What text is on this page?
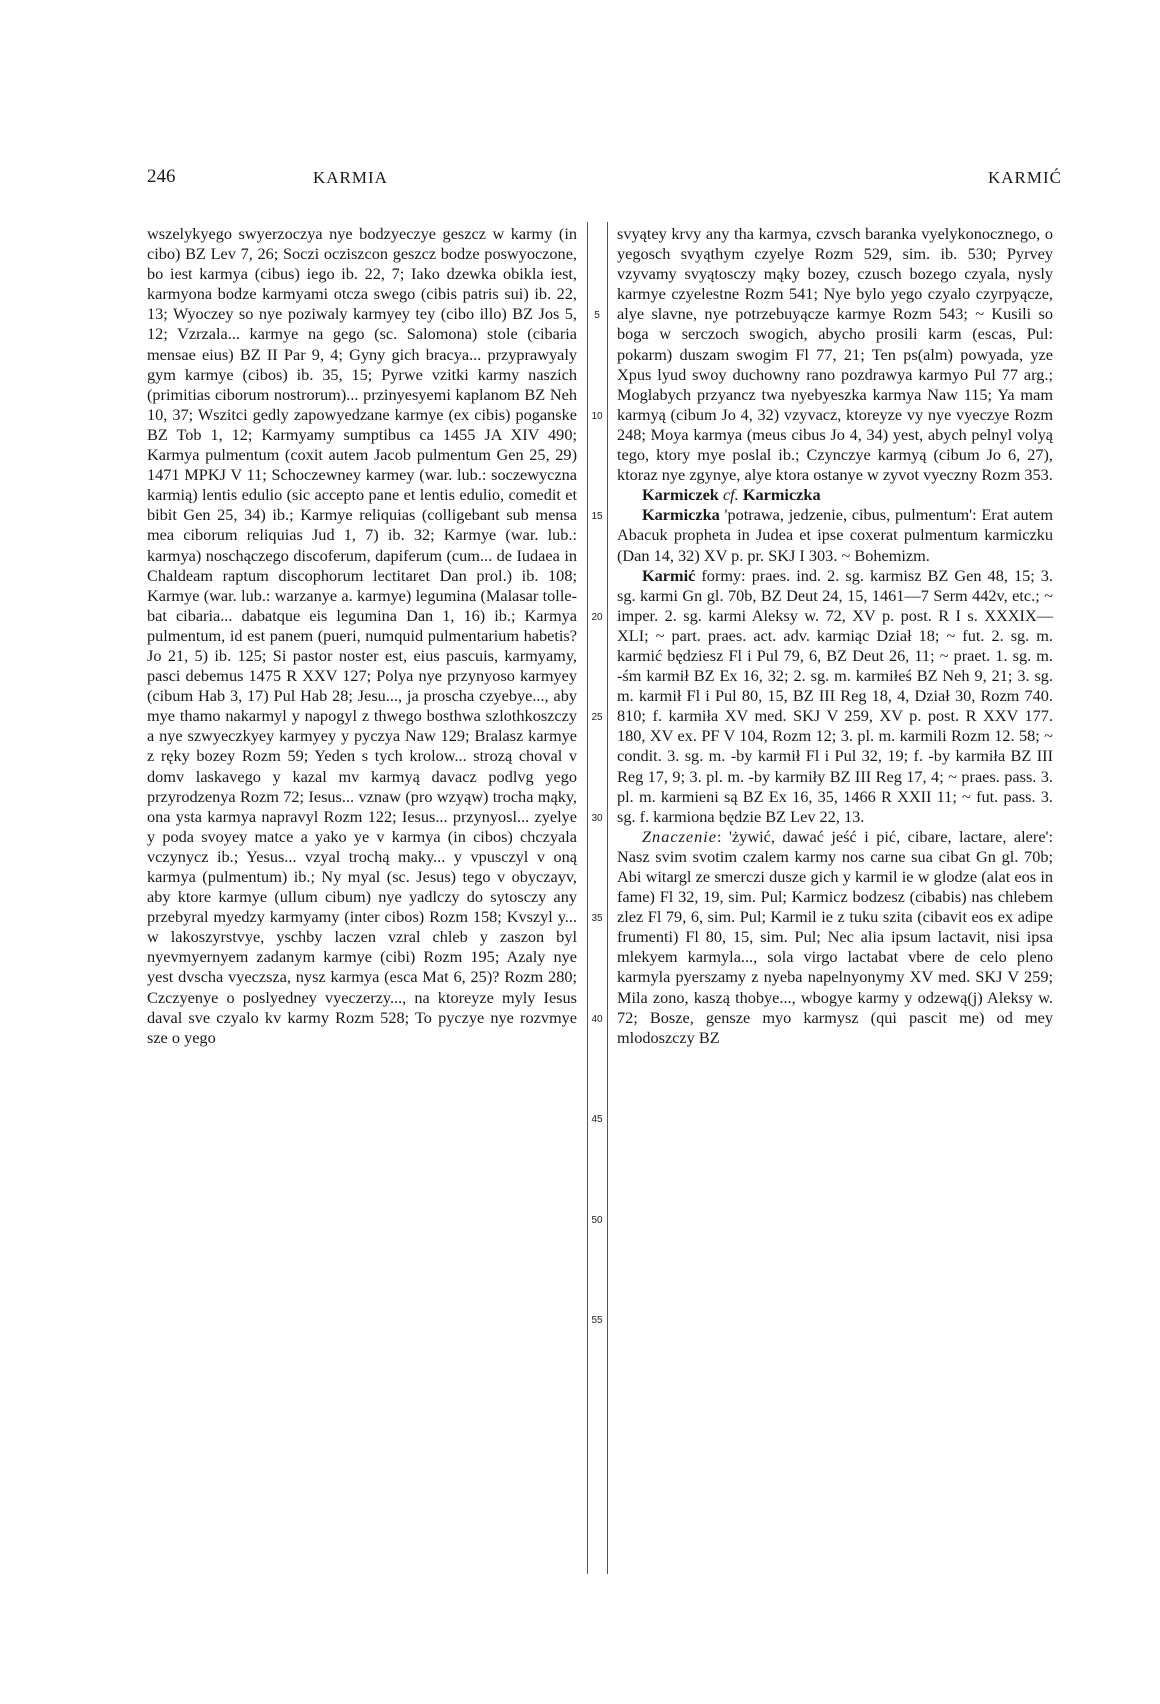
246	KARMIA	KARMIĆ

wszelykyego swyerzoczya nye bodzyeczye geszcz w karmy (in cibo) BZ Lev 7, 26; Soczi ocziszcon geszcz bodze poswyoczone, bo iest karmya (cibus) iego ib. 22, 7; Iako dzewka obikla iest, karmyona bodze karmyami otcza swego (cibis patris sui) ib. 22, 13; Wyoczey so nye poziwaly karmyey tey (cibo illo) BZ Jos 5, 12; Vzrzala... karmye na gego (sc. Salomona) stole (cibaria mensae eius) BZ II Par 9, 4; Gyny gich bracya... przyprawyaly gym karmye (cibos) ib. 35, 15; Pyrwe vzitki karmy naszich (primitias ciborum nostrorum)... przinyesyemi kaplanom BZ Neh 10, 37; Wszitci gedly zapowyedzane karmye (ex cibis) poganske BZ Tob 1, 12; Karmyamy sumptibus ca 1455 JA XIV 490; Karmya pulmentum (coxit autem Jacob pulmentum Gen 25, 29) 1471 MPKJ V 11; Schoczewney karmey (war. lub.: soczewyczna karmią) lentis edulio (sic accepto pane et lentis edulio, comedit et bibit Gen 25, 34) ib.; Karmye reliquias (colligebant sub mensa mea ciborum reliquias Jud 1, 7) ib. 32; Karmye (war. lub.: karmya) noschączego discoferum, dapiferum (cum... de Iudaea in Chaldeam raptum discophorum lectitaret Dan prol.) ib. 108; Karmye (war. lub.: warzanye a. karmye) legumina (Malasar tollebat cibaria... dabatque eis legumina Dan 1, 16) ib.; Karmya pulmentum, id est panem (pueri, numquid pulmentarium habetis? Jo 21, 5) ib. 125; Si pastor noster est, eius pascuis, karmyamy, pasci debemus 1475 R XXV 127; Polya nye przynyoso karmyey (cibum Hab 3, 17) Pul Hab 28; Jesu..., ja proscha czyebye..., aby mye thamo nakarmyl y napogyl z thwego bosthwa szlothkoszczy a nye szwyeczkyey karmyey y pyczya Naw 129; Bralasz karmye z ręky bozey Rozm 59; Yeden s tych krolow... strozą choval v domv laskavego y kazal mv karmyą davacz podlvg yego przyrodzenya Rozm 72; Iesus... vznaw (pro wzyąw) trocha mąky, ona ysta karmya napravyl Rozm 122; Iesus... przynyosl... zyelye y poda svoyey matce a yako ye v karmya (in cibos) chczyala vczynycz ib.; Yesus... vzyal trochą maky... y vpusczyl v oną karmya (pulmentum) ib.; Ny myal (sc. Jesus) tego v obyczayv, aby ktore karmye (ullum cibum) nye yadlczy do sytosczy any przebyral myedzy karmyamy (inter cibos) Rozm 158; Kvszyl y... w lakoszyrstvye, yschby laczen vzral chleb y zaszon byl nyevmyernyem zadanym karmye (cibi) Rozm 195; Azaly nye yest dvscha vyeczsza, nysz karmya (esca Mat 6, 25)? Rozm 280; Czczyenye o poslyedney vyeczerzy..., na ktoreyze myly Iesus daval sve czyalo kv karmy Rozm 528; To pyczye nye rozvmye sze o yego

5
10
15
20
25
30
35
40
45
50
55

svyątey krvy any tha karmya, czvsch baranka vyelykonocznego, o yegosch svyąthym czyelye Rozm 529, sim. ib. 530; Pyrvey vzyvamy svyątosczy mąky bozey, czusch bozego czyala, nysly karmye czyelestne Rozm 541; Nye bylo yego czyalo czyrpyącze, alye slavne, nye potrzebuyącze karmye Rozm 543; ~ Kusili so boga w serczoch swogich, abycho prosili karm (escas, Pul: pokarm) duszam swogim Fl 77, 21; Ten ps(alm) powyada, yze Xpus lyud swoy duchowny rano pozdrawya karmyo Pul 77 arg.; Moglabych przyancz twa nyebyeszka karmya Naw 115; Ya mam karmyą (cibum Jo 4, 32) vzyvacz, ktoreyze vy nye vyeczye Rozm 248; Moya karmya (meus cibus Jo 4, 34) yest, abych pelnyl volyą tego, ktory mye poslal ib.; Czynczye karmyą (cibum Jo 6, 27), ktoraz nye zgynye, alye ktora ostanye w zyvot vyeczny Rozm 353.

Karmiczek cf. Karmiczka

Karmiczka 'potrawa, jedzenie, cibus, pulmentum': Erat autem Abacuk propheta in Judea et ipse coxerat pulmentum karmiczku (Dan 14, 32) XV p. pr. SKJ I 303. ~ Bohemizm.

Karmić formy: praes. ind. 2. sg. karmisz BZ Gen 48, 15; 3. sg. karmi Gn gl. 70b, BZ Deut 24, 15, 1461—7 Serm 442v, etc.; ~ imper. 2. sg. karmi Aleksy w. 72, XV p. post. R I s. XXXIX—XLI; ~ part. praes. act. adv. karmiąc Dział 18; ~ fut. 2. sg. m. karmić będziesz Fl i Pul 79, 6, BZ Deut 26, 11; ~ praet. 1. sg. m. -śm karmił BZ Ex 16, 32; 2. sg. m. karmiłeś BZ Neh 9, 21; 3. sg. m. karmił Fl i Pul 80, 15, BZ III Reg 18, 4, Dział 30, Rozm 740. 810; f. karmiła XV med. SKJ V 259, XV p. post. R XXV 177. 180, XV ex. PF V 104, Rozm 12; 3. pl. m. karmili Rozm 12. 58; ~ condit. 3. sg. m. -by karmił Fl i Pul 32, 19; f. -by karmiła BZ III Reg 17, 9; 3. pl. m. -by karmiły BZ III Reg 17, 4; ~ praes. pass. 3. pl. m. karmieni są BZ Ex 16, 35, 1466 R XXII 11; ~ fut. pass. 3. sg. f. karmiona będzie BZ Lev 22, 13.

Znaczenie: 'żywić, dawać jeść i pić, cibare, lactare, alere': Nasz svim svotim czalem karmy nos carne sua cibat Gn gl. 70b; Abi witargl ze smerczi dusze gich y karmil ie w glodze (alat eos in fame) Fl 32, 19, sim. Pul; Karmicz bodzesz (cibabis) nas chlebem zlez Fl 79, 6, sim. Pul; Karmil ie z tuku szita (cibavit eos ex adipe frumenti) Fl 80, 15, sim. Pul; Nec alia ipsum lactavit, nisi ipsa mlekyem karmyla..., sola virgo lactabat vbere de celo pleno karmyla pyerszamy z nyeba napelnyonymy XV med. SKJ V 259; Mila zono, kaszą thobye..., wbogye karmy y odzewą(j) Aleksy w. 72; Bosze, gensze myo karmysz (qui pascit me) od mey mlodoszczy BZ
